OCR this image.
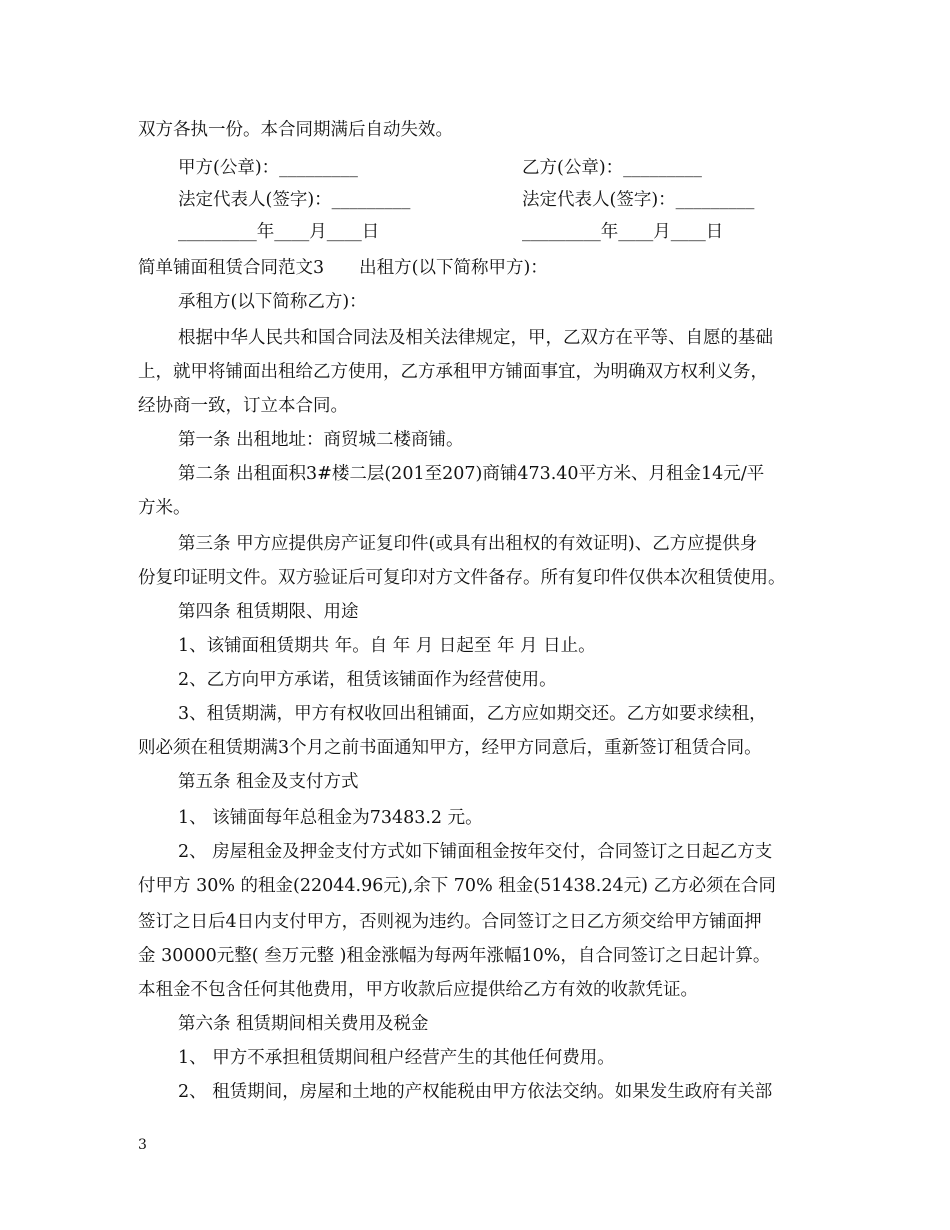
双方各执一份。本合同期满后自动失效。
甲方(公章)：_________	乙方(公章)：_________
法定代表人(签字)：_________	法定代表人(签字)：_________
_________年____月____日	_________年____月____日
简单铺面租赁合同范文3　　出租方(以下简称甲方)：
承租方(以下简称乙方)：
根据中华人民共和国合同法及相关法律规定，甲，乙双方在平等、自愿的基础
上，就甲将铺面出租给乙方使用，乙方承租甲方铺面事宜，为明确双方权利义务，
经协商一致，订立本合同。
第一条 出租地址：商贸城二楼商铺。
第二条 出租面积3#楼二层(201至207)商铺473.40平方米、月租金14元/平
方米。
第三条 甲方应提供房产证复印件(或具有出租权的有效证明)、乙方应提供身
份复印证明文件。双方验证后可复印对方文件备存。所有复印件仅供本次租赁使用。
第四条 租赁期限、用途
1、该铺面租赁期共 年。自 年 月 日起至 年 月 日止。
2、乙方向甲方承诺，租赁该铺面作为经营使用。
3、租赁期满，甲方有权收回出租铺面，乙方应如期交还。乙方如要求续租，
则必须在租赁期满3个月之前书面通知甲方，经甲方同意后，重新签订租赁合同。
第五条 租金及支付方式
1、 该铺面每年总租金为73483.2 元。
2、 房屋租金及押金支付方式如下铺面租金按年交付，合同签订之日起乙方支
付甲方 30% 的租金(22044.96元),余下 70% 租金(51438.24元) 乙方必须在合同
签订之日后4日内支付甲方，否则视为违约。合同签订之日乙方须交给甲方铺面押
金 30000元整( 叁万元整 )租金涨幅为每两年涨幅10%，自合同签订之日起计算。
本租金不包含任何其他费用，甲方收款后应提供给乙方有效的收款凭证。
第六条 租赁期间相关费用及税金
1、 甲方不承担租赁期间租户经营产生的其他任何费用。
2、 租赁期间，房屋和土地的产权能税由甲方依法交纳。如果发生政府有关部
3
